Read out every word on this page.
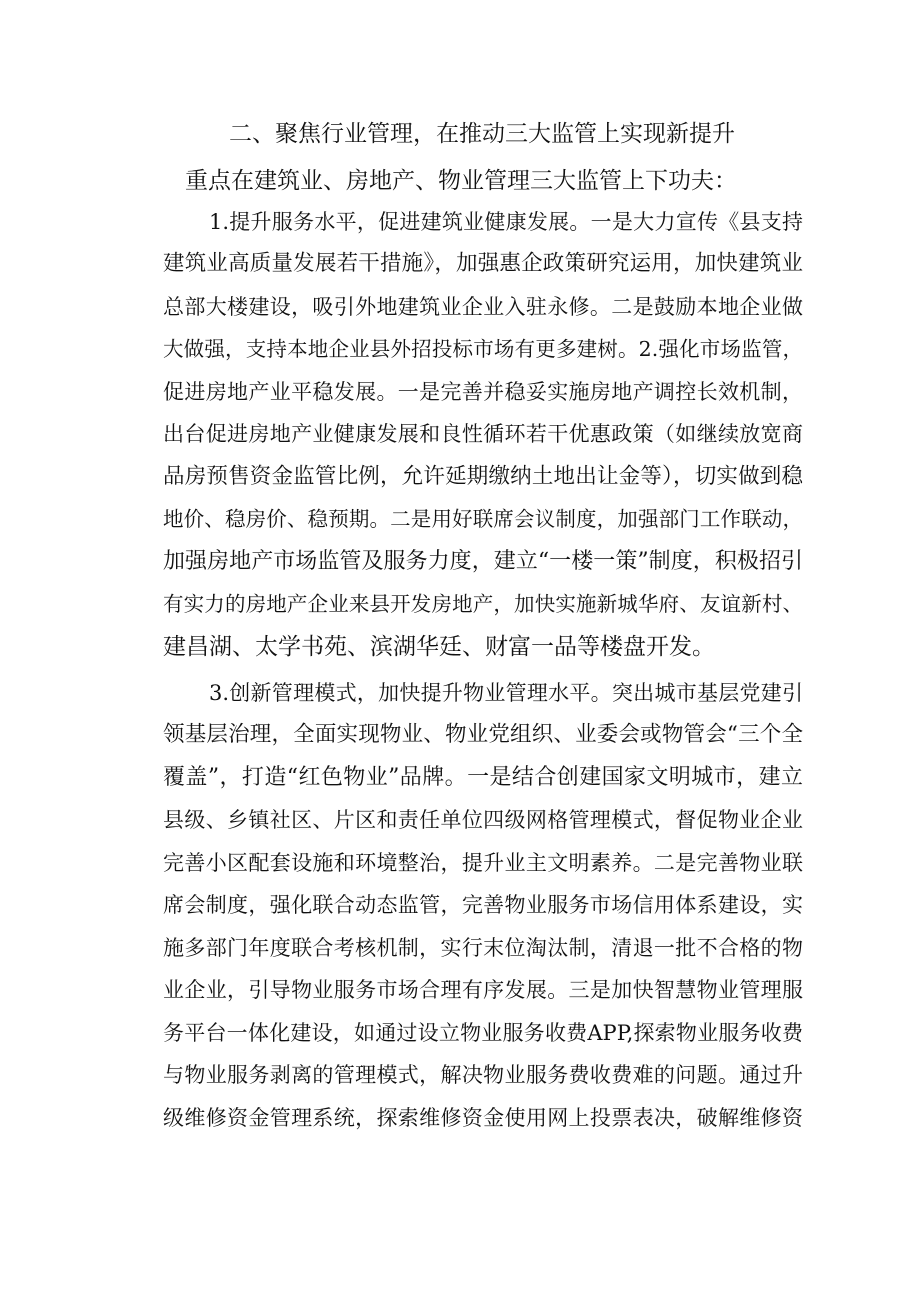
二、聚焦行业管理，在推动三大监管上实现新提升
重点在建筑业、房地产、物业管理三大监管上下功夫：
1.提升服务水平，促进建筑业健康发展。一是大力宣传《县支持
建筑业高质量发展若干措施》，加强惠企政策研究运用，加快建筑业
总部大楼建设，吸引外地建筑业企业入驻永修。二是鼓励本地企业做
大做强，支持本地企业县外招投标市场有更多建树。2.强化市场监管，
促进房地产业平稳发展。一是完善并稳妥实施房地产调控长效机制，
出台促进房地产业健康发展和良性循环若干优惠政策（如继续放宽商
品房预售资金监管比例，允许延期缴纳土地出让金等），切实做到稳
地价、稳房价、稳预期。二是用好联席会议制度，加强部门工作联动，
加强房地产市场监管及服务力度，建立“一楼一策”制度，积极招引
有实力的房地产企业来县开发房地产，加快实施新城华府、友谊新村、
建昌湖、太学书苑、滨湖华廷、财富一品等楼盘开发。
3.创新管理模式，加快提升物业管理水平。突出城市基层党建引
领基层治理，全面实现物业、物业党组织、业委会或物管会“三个全
覆盖”，打造“红色物业”品牌。一是结合创建国家文明城市，建立
县级、乡镇社区、片区和责任单位四级网格管理模式，督促物业企业
完善小区配套设施和环境整治，提升业主文明素养。二是完善物业联
席会制度，强化联合动态监管，完善物业服务市场信用体系建设，实
施多部门年度联合考核机制，实行末位淘汰制，清退一批不合格的物
业企业，引导物业服务市场合理有序发展。三是加快智慧物业管理服
务平台一体化建设，如通过设立物业服务收费APP,探索物业服务收费
与物业服务剥离的管理模式，解决物业服务费收费难的问题。通过升
级维修资金管理系统，探索维修资金使用网上投票表决，破解维修资
